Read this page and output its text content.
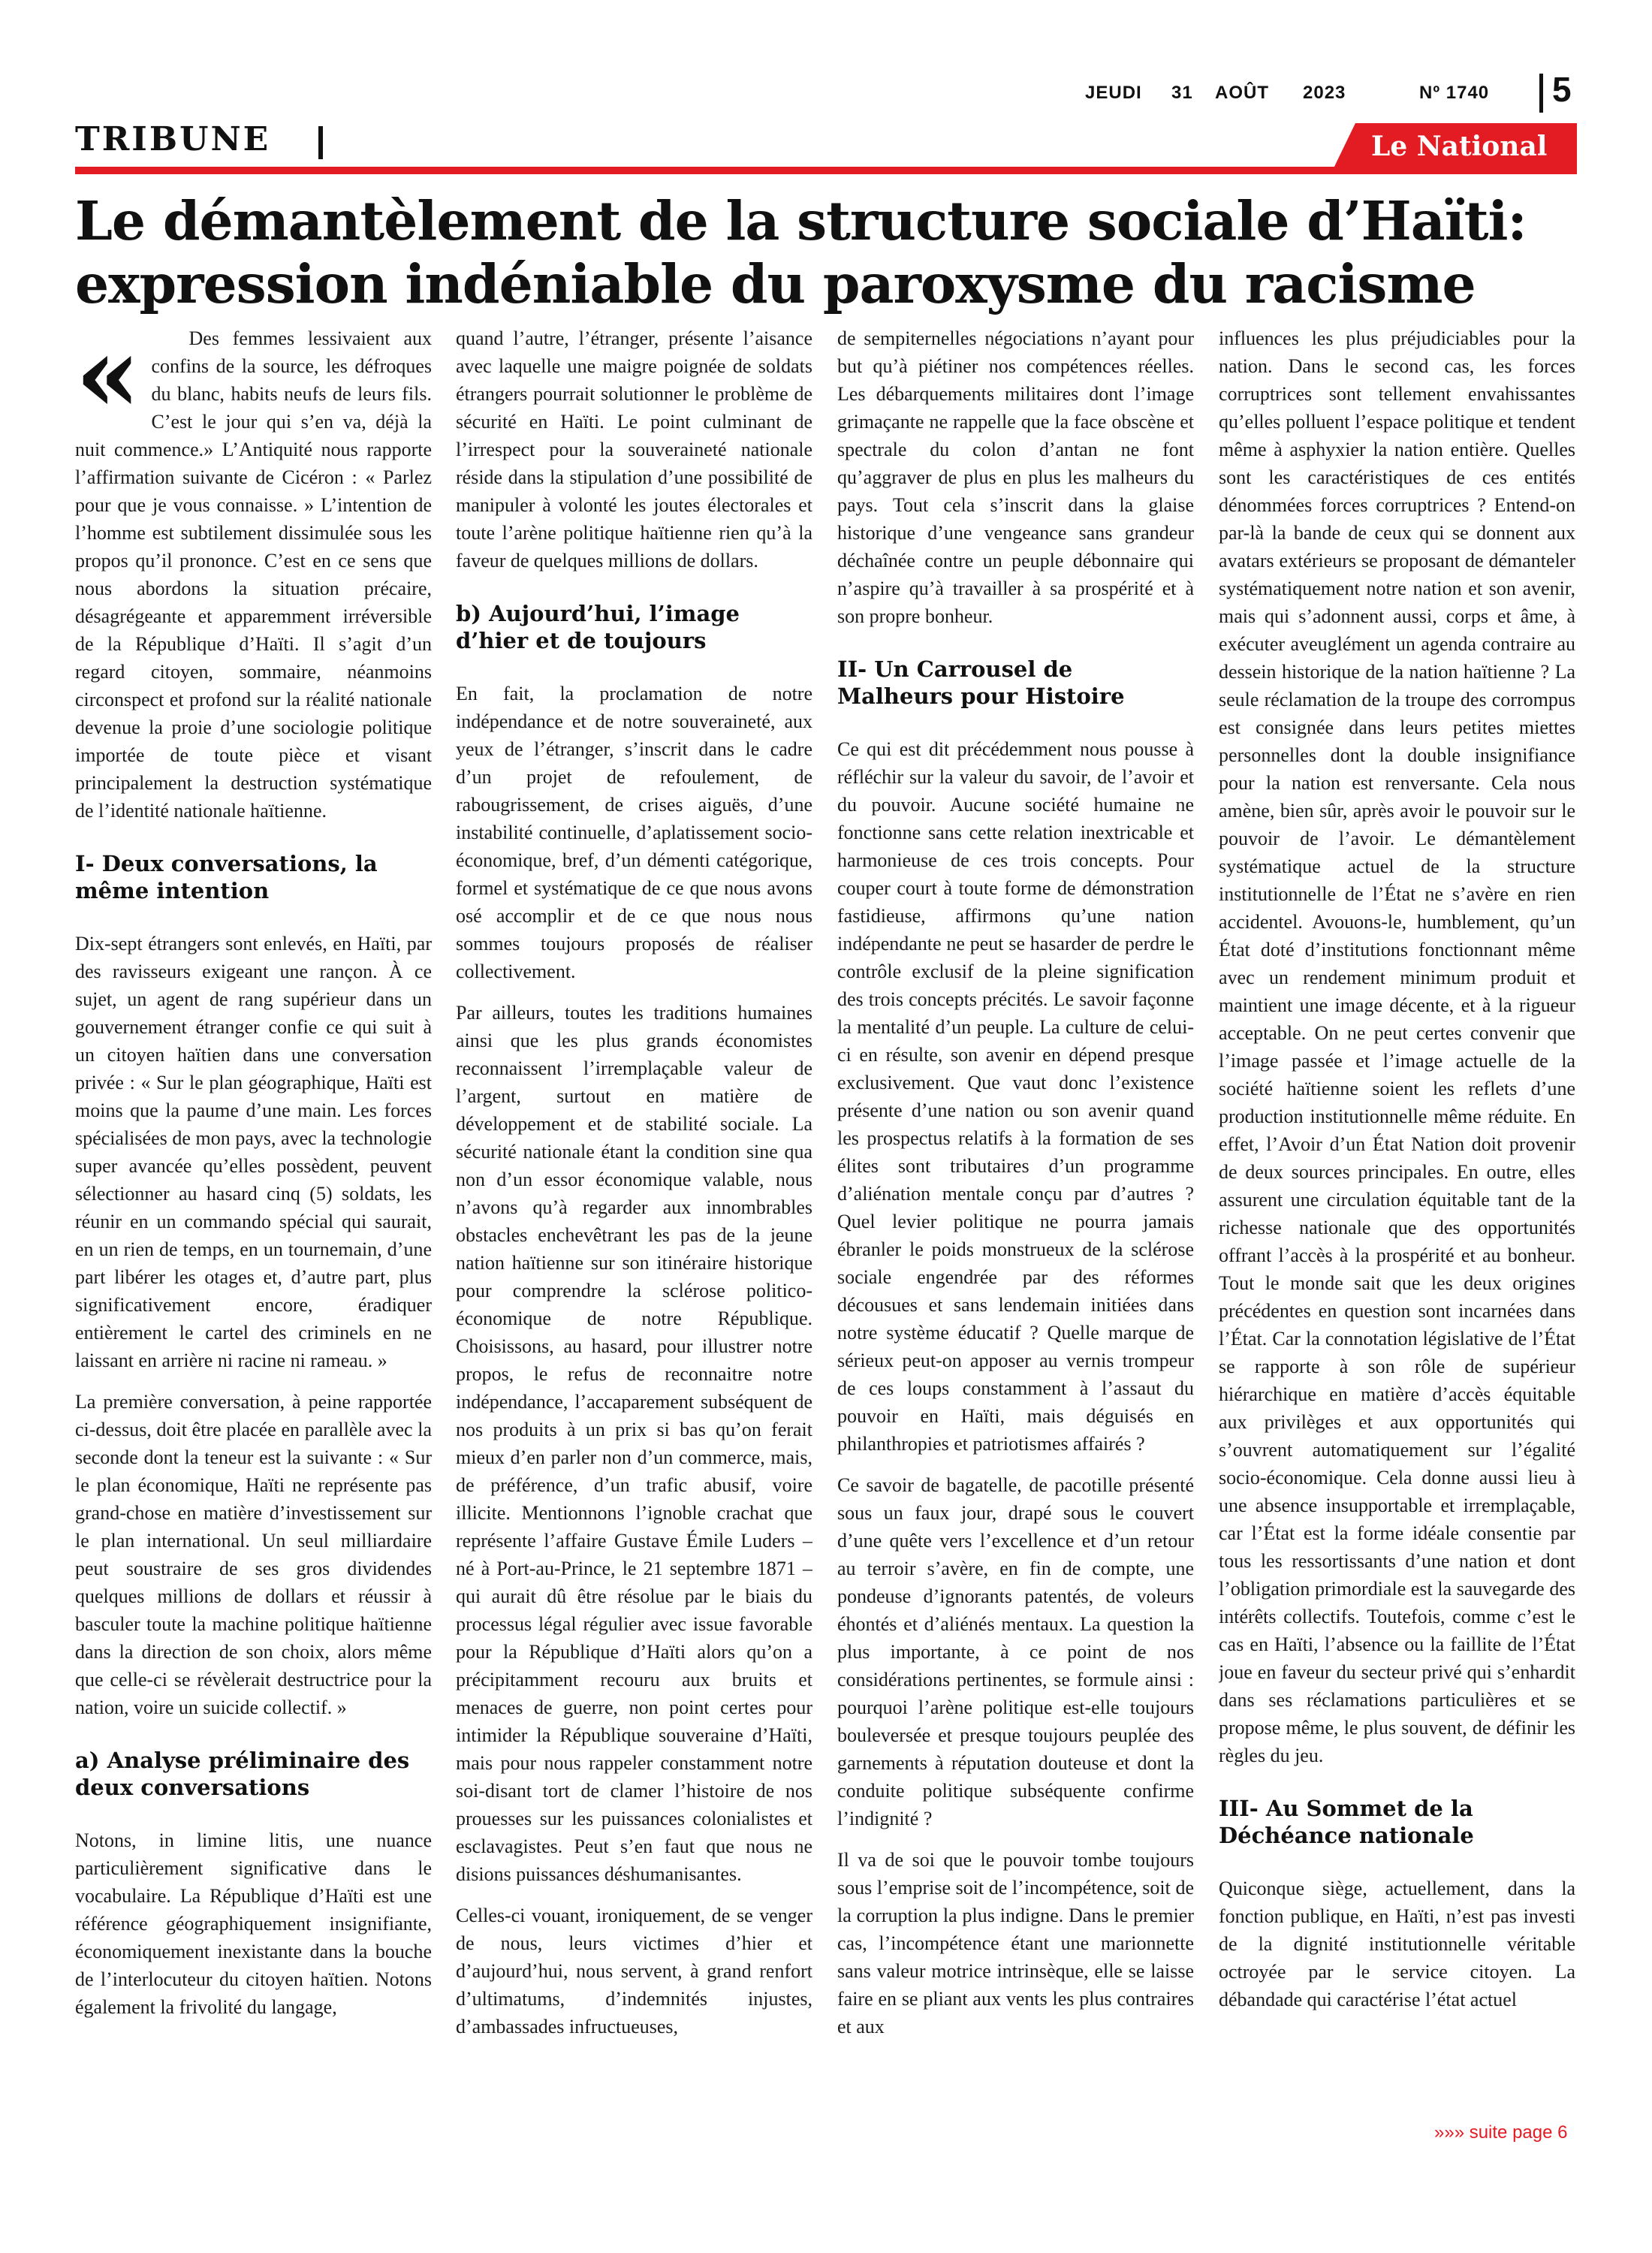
JEUDI 31 AOÛT 2023	Nº 1740 5
TRIBUNE	Le National
Le démantèlement de la structure sociale d’Haïti: expression indéniable du paroxysme du racisme
«	Des femmes lessivaient aux confins de la source, les défroques du blanc, habits neufs de leurs fils. C’est le jour qui s’en va, déjà la nuit commence.» L’Antiquité nous rapporte l’affirmation suivante de Cicéron : « Parlez pour que je vous connaisse. » L’intention de l’homme est subtilement dissimulée sous les propos qu’il prononce. C’est en ce sens que nous abordons la situation précaire, désagrégeante et apparemment irréversible de la République d’Haïti. Il s’agit d’un regard citoyen, sommaire, néanmoins circonspect et profond sur la réalité nationale devenue la proie d’une sociologie politique importée de toute pièce et visant principalement la destruction systématique de l’identité nationale haïtienne.

I- Deux conversations, la même intention

Dix-sept étrangers sont enlevés, en Haïti, par des ravisseurs exigeant une rançon. À ce sujet, un agent de rang supérieur dans un gouvernement étranger confie ce qui suit à un citoyen haïtien dans une conversation privée : « Sur le plan géographique, Haïti est moins que la paume d’une main. Les forces spécialisées de mon pays, avec la technologie super avancée qu’elles possèdent, peuvent sélectionner au hasard cinq (5) soldats, les réunir en un commando spécial qui saurait, en un rien de temps, en un tournemain, d’une part libérer les otages et, d’autre part, plus significativement encore, éradiquer entièrement le cartel des criminels en ne laissant en arrière ni racine ni rameau. »

La première conversation, à peine rapportée ci-dessus, doit être placée en parallèle avec la seconde dont la teneur est la suivante : « Sur le plan économique, Haïti ne représente pas grand-chose en matière d’investissement sur le plan international. Un seul milliardaire peut soustraire de ses gros dividendes quelques millions de dollars et réussir à basculer toute la machine politique haïtienne dans la direction de son choix, alors même que celle-ci se révèlerait destructrice pour la nation, voire un suicide collectif. »

a) Analyse préliminaire des deux conversations

Notons, in limine litis, une nuance particulièrement significative dans le vocabulaire. La République d’Haïti est une référence géographiquement insignifiante, économiquement inexistante dans la bouche de l’interlocuteur du citoyen haïtien. Notons également la frivolité du langage,

quand l’autre, l’étranger, présente l’aisance avec laquelle une maigre poignée de soldats étrangers pourrait solutionner le problème de sécurité en Haïti. Le point culminant de l’irrespect pour la souveraineté nationale réside dans la stipulation d’une possibilité de manipuler à volonté les joutes électorales et toute l’arène politique haïtienne rien qu’à la faveur de quelques millions de dollars.

b) Aujourd’hui, l’image d’hier et de toujours

En fait, la proclamation de notre indépendance et de notre souveraineté, aux yeux de l’étranger, s’inscrit dans le cadre d’un projet de refoulement, de rabougrissement, de crises aiguës, d’une instabilité continuelle, d’aplatissement socio-économique, bref, d’un démenti catégorique, formel et systématique de ce que nous avons osé accomplir et de ce que nous nous sommes toujours proposés de réaliser collectivement.

Par ailleurs, toutes les traditions humaines ainsi que les plus grands économistes reconnaissent l’irremplaçable valeur de l’argent, surtout en matière de développement et de stabilité sociale. La sécurité nationale étant la condition sine qua non d’un essor économique valable, nous n’avons qu’à regarder aux innombrables obstacles enchevêtrant les pas de la jeune nation haïtienne sur son itinéraire historique pour comprendre la sclérose politico-économique de notre République. Choisissons, au hasard, pour illustrer notre propos, le refus de reconnaitre notre indépendance, l’accaparement subséquent de nos produits à un prix si bas qu’on ferait mieux d’en parler non d’un commerce, mais, de préférence, d’un trafic abusif, voire illicite. Mentionnons l’ignoble crachat que représente l’affaire Gustave Émile Luders – né à Port-au-Prince, le 21 septembre 1871 – qui aurait dû être résolue par le biais du processus légal régulier avec issue favorable pour la République d’Haïti alors qu’on a précipitamment recouru aux bruits et menaces de guerre, non point certes pour intimider la République souveraine d’Haïti, mais pour nous rappeler constamment notre soi-disant tort de clamer l’histoire de nos prouesses sur les puissances colonialistes et esclavagistes. Peut s’en faut que nous ne disions puissances déshumanisantes.

Celles-ci vouant, ironiquement, de se venger de nous, leurs victimes d’hier et d’aujourd’hui, nous servent, à grand renfort d’ultimatums, d’indemnités injustes, d’ambassades infructueuses,

de sempiternelles négociations n’ayant pour but qu’à piétiner nos compétences réelles. Les débarquements militaires dont l’image grimaçante ne rappelle que la face obscène et spectrale du colon d’antan ne font qu’aggraver de plus en plus les malheurs du pays. Tout cela s’inscrit dans la glaise historique d’une vengeance sans grandeur déchaînée contre un peuple débonnaire qui n’aspire qu’à travailler à sa prospérité et à son propre bonheur.

II- Un Carrousel de Malheurs pour Histoire

Ce qui est dit précédemment nous pousse à réfléchir sur la valeur du savoir, de l’avoir et du pouvoir. Aucune société humaine ne fonctionne sans cette relation inextricable et harmonieuse de ces trois concepts. Pour couper court à toute forme de démonstration fastidieuse, affirmons qu’une nation indépendante ne peut se hasarder de perdre le contrôle exclusif de la pleine signification des trois concepts précités. Le savoir façonne la mentalité d’un peuple. La culture de celui-ci en résulte, son avenir en dépend presque exclusivement. Que vaut donc l’existence présente d’une nation ou son avenir quand les prospectus relatifs à la formation de ses élites sont tributaires d’un programme d’aliénation mentale conçu par d’autres ? Quel levier politique ne pourra jamais ébranler le poids monstrueux de la sclérose sociale engendrée par des réformes décousues et sans lendemain initiées dans notre système éducatif ? Quelle marque de sérieux peut-on apposer au vernis trompeur de ces loups constamment à l’assaut du pouvoir en Haïti, mais déguisés en philanthropies et patriotismes affairés ?

Ce savoir de bagatelle, de pacotille présenté sous un faux jour, drapé sous le couvert d’une quête vers l’excellence et d’un retour au terroir s’avère, en fin de compte, une pondeuse d’ignorants patentés, de voleurs éhontés et d’aliénés mentaux. La question la plus importante, à ce point de nos considérations pertinentes, se formule ainsi : pourquoi l’arène politique est-elle toujours bouleversée et presque toujours peuplée des garnements à réputation douteuse et dont la conduite politique subséquente confirme l’indignité ?

Il va de soi que le pouvoir tombe toujours sous l’emprise soit de l’incompétence, soit de la corruption la plus indigne. Dans le premier cas, l’incompétence étant une marionnette sans valeur motrice intrinsèque, elle se laisse faire en se pliant aux vents les plus contraires et aux

influences les plus préjudiciables pour la nation. Dans le second cas, les forces corruptrices sont tellement envahissantes qu’elles polluent l’espace politique et tendent même à asphyxier la nation entière. Quelles sont les caractéristiques de ces entités dénommées forces corruptrices ? Entend-on par-là la bande de ceux qui se donnent aux avatars extérieurs se proposant de démanteler systématiquement notre nation et son avenir, mais qui s’adonnent aussi, corps et âme, à exécuter aveuglément un agenda contraire au dessein historique de la nation haïtienne ? La seule réclamation de la troupe des corrompus est consignée dans leurs petites miettes personnelles dont la double insignifiance pour la nation est renversante. Cela nous amène, bien sûr, après avoir le pouvoir sur le pouvoir de l’avoir. Le démantèlement systématique actuel de la structure institutionnelle de l’État ne s’avère en rien accidentel. Avouons-le, humblement, qu’un État doté d’institutions fonctionnant même avec un rendement minimum produit et maintient une image décente, et à la rigueur acceptable. On ne peut certes convenir que l’image passée et l’image actuelle de la société haïtienne soient les reflets d’une production institutionnelle même réduite. En effet, l’Avoir d’un État Nation doit provenir de deux sources principales. En outre, elles assurent une circulation équitable tant de la richesse nationale que des opportunités offrant l’accès à la prospérité et au bonheur. Tout le monde sait que les deux origines précédentes en question sont incarnées dans l’État. Car la connotation législative de l’État se rapporte à son rôle de supérieur hiérarchique en matière d’accès équitable aux privilèges et aux opportunités qui s’ouvrent automatiquement sur l’égalité socio-économique. Cela donne aussi lieu à une absence insupportable et irremplaçable, car l’État est la forme idéale consentie par tous les ressortissants d’une nation et dont l’obligation primordiale est la sauvegarde des intérêts collectifs. Toutefois, comme c’est le cas en Haïti, l’absence ou la faillite de l’État joue en faveur du secteur privé qui s’enhardit dans ses réclamations particulières et se propose même, le plus souvent, de définir les règles du jeu.

III- Au Sommet de la Déchéance nationale

Quiconque siège, actuellement, dans la fonction publique, en Haïti, n’est pas investi de la dignité institutionnelle véritable octroyée par le service citoyen. La débandade qui caractérise l’état actuel

»»» suite page 6
